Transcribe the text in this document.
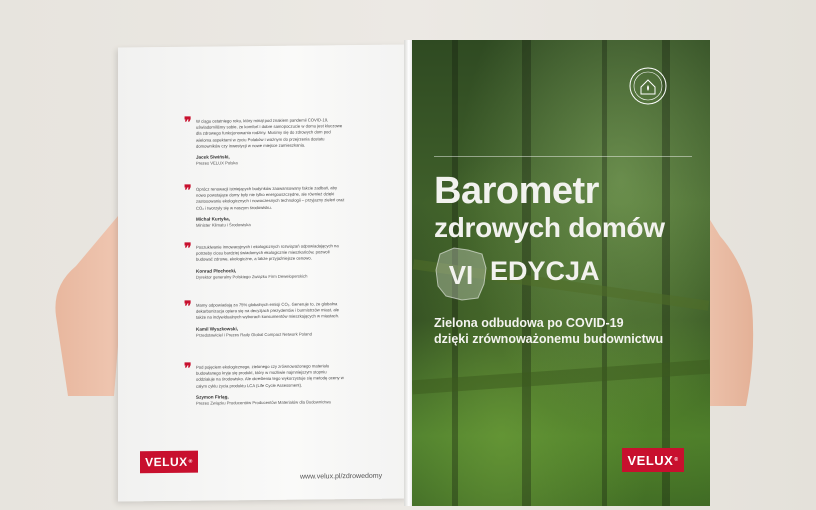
❞ W ciągu ostatniego roku, który minął pod znakiem pandemii COVID-19, uświadomiliśmy sobie, że komfort i dobre samopoczucie w domu jest kluczowe dla zdrowego funkcjonowania rodziny. Musimy się do zdrowych dom pod wieloma aspektami w życiu Polaków i ważnym do przejrzenia dostatu domowników czy inwestycji w nowe miejsce zamieszkania.

Jacek Siwiński,
Prezes VELUX Polska
❞ Oprócz renowacji istniejących budynków zaawansowany fakcie zadbań, aby nowo powstające domy były nie tylko energooszczędne, ale również dzięki zastosowaniu ekologicznych i nowoczesnych technologii – przyjazny zieleń oraz CO₂ i tworzyły się w naszym środowisku.

Michał Kurtyka,
Minister Klimatu i Środowiska
❞ Poszukiwanie innowacyjnych i ekologicznych rozwiązań odpowiadających na potrzeby ciosu bardziej świadomych ekologicznie mieszkańców, pozwoli budować zdrowe, ekologiczne, a także przyjaźniejsze cenowo.

Konrad Płochocki,
Dyrektor generalny Polskiego Związku Firm Deweloperskich
❞ Mamy odpowiadają za 75% globalnych emisji CO₂. Generuje to, że globalna dekarbonizacja opiera się na decyzjach prezydentów i burmistrzów miast, ale także na indywidualnych wyborach konsumentów mieszkających w miastach.

Kamil Wyszkowski,
Przedstawiciel i Prezes Rady Global Compact Network Poland
❞ Pod pojęciem ekologicznego, zielonego czy zrównoważonego materiału budowlanego kryje się produkt, który w możliwie najmniejszym stopniu oddziałuje na środowisko. Ale określenia tego wykorzystuje się metodę oceny w całym cyklu życia produktu LCA (Life Cycle Assessment).

Szymon Firląg,
Prezes Związku Producentów Producentów Materiałów dla Budownictwa
VELUX ®
www.velux.pl/zdrowedomy
Barometr
zdrowych domów
VI EDYCJA

Zielona odbudowa po COVID-19

dzięki zrównoważonemu budownictwu

VELUX ®
